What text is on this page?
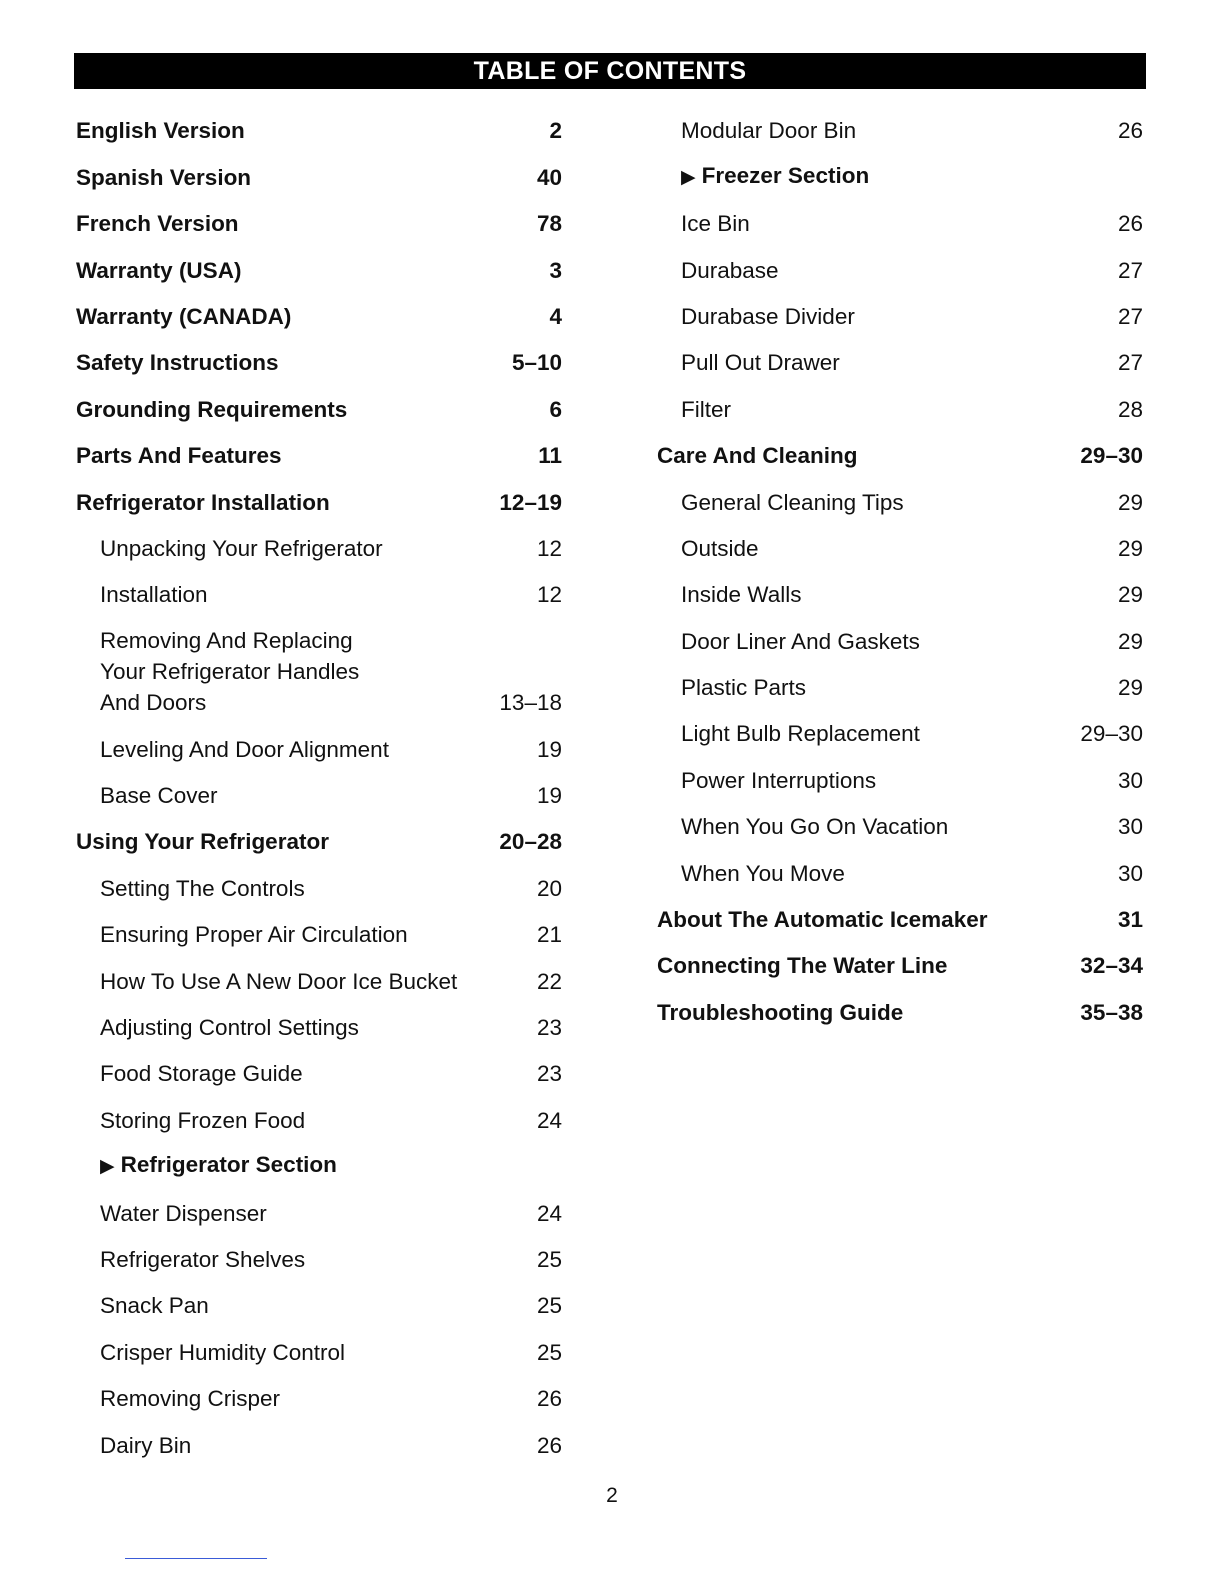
TABLE OF CONTENTS
English Version	2
Spanish Version	40
French Version	78
Warranty (USA)	3
Warranty (CANADA)	4
Safety Instructions	5–10
Grounding Requirements	6
Parts And Features	11
Refrigerator Installation	12–19
Unpacking Your Refrigerator	12
Installation	12
Removing And Replacing
Your Refrigerator Handles
And Doors	13–18
Leveling And Door Alignment	19
Base Cover	19
Using Your Refrigerator	20–28
Setting The Controls	20
Ensuring Proper Air Circulation	21
How To Use A New Door Ice Bucket	22
Adjusting Control Settings	23
Food Storage Guide	23
Storing Frozen Food	24
▶ Refrigerator Section
Water Dispenser	24
Refrigerator Shelves	25
Snack Pan	25
Crisper Humidity Control	25
Removing Crisper	26
Dairy Bin	26
Modular Door Bin	26
▶ Freezer Section
Ice Bin	26
Durabase	27
Durabase Divider	27
Pull Out Drawer	27
Filter	28
Care And Cleaning	29–30
General Cleaning Tips	29
Outside	29
Inside Walls	29
Door Liner And Gaskets	29
Plastic Parts	29
Light Bulb Replacement	29–30
Power Interruptions	30
When You Go On Vacation	30
When You Move	30
About The Automatic Icemaker	31
Connecting The Water Line	32–34
Troubleshooting Guide	35–38
2
